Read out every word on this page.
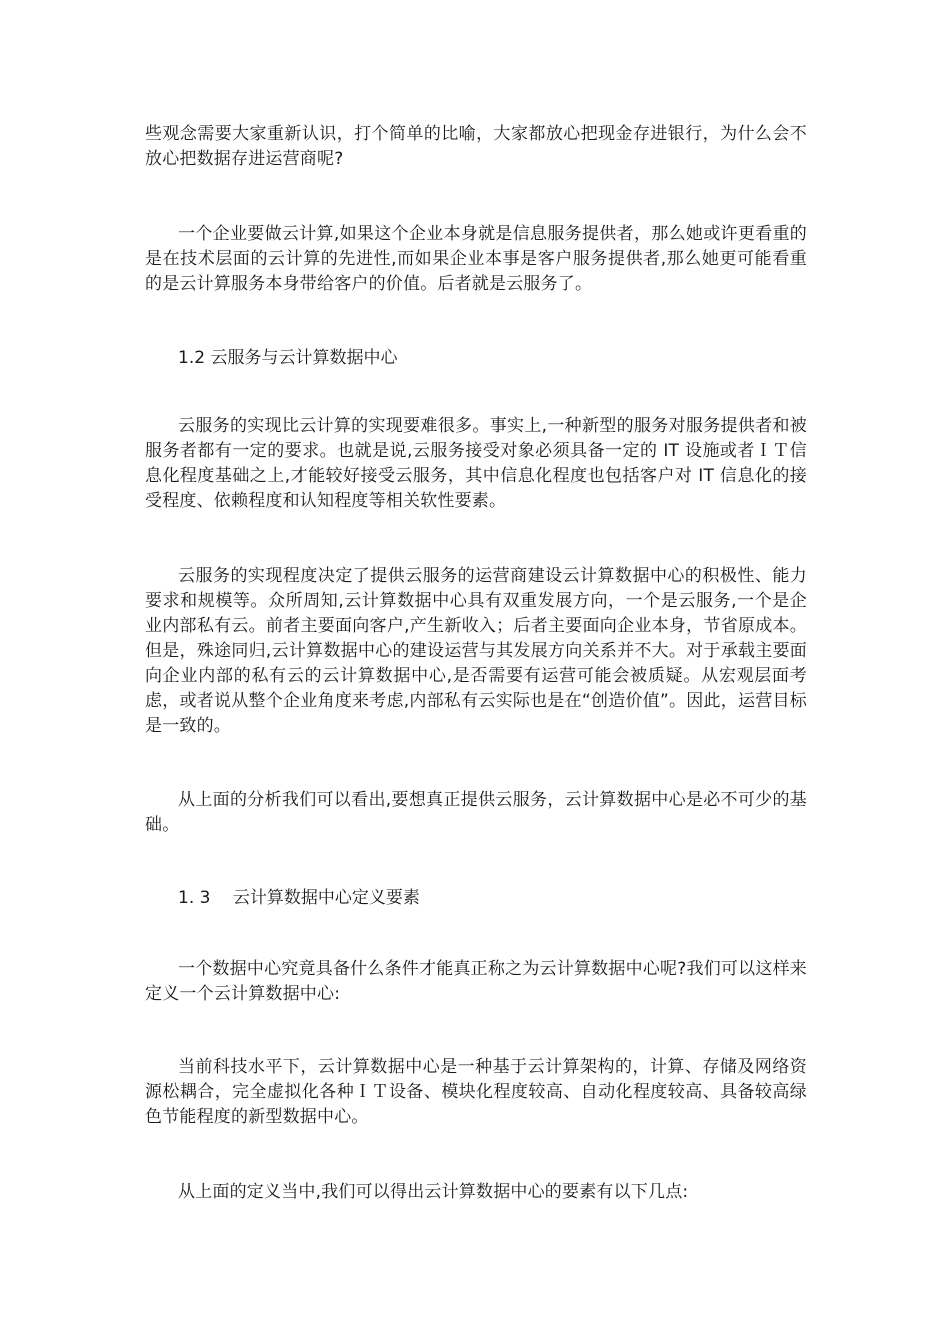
些观念需要大家重新认识，打个简单的比喻，大家都放心把现金存进银行，为什么会不放心把数据存进运营商呢?

一个企业要做云计算,如果这个企业本身就是信息服务提供者，那么她或许更看重的是在技术层面的云计算的先进性,而如果企业本事是客户服务提供者,那么她更可能看重的是云计算服务本身带给客户的价值。后者就是云服务了。

1.2 云服务与云计算数据中心

云服务的实现比云计算的实现要难很多。事实上,一种新型的服务对服务提供者和被服务者都有一定的要求。也就是说,云服务接受对象必须具备一定的 IT 设施或者ＩＴ信息化程度基础之上,才能较好接受云服务，其中信息化程度也包括客户对 IT 信息化的接受程度、依赖程度和认知程度等相关软性要素。

云服务的实现程度决定了提供云服务的运营商建设云计算数据中心的积极性、能力要求和规模等。众所周知,云计算数据中心具有双重发展方向，一个是云服务,一个是企业内部私有云。前者主要面向客户,产生新收入；后者主要面向企业本身，节省原成本。但是，殊途同归,云计算数据中心的建设运营与其发展方向关系并不大。对于承载主要面向企业内部的私有云的云计算数据中心,是否需要有运营可能会被质疑。从宏观层面考虑，或者说从整个企业角度来考虑,内部私有云实际也是在“创造价值”。因此，运营目标是一致的。

从上面的分析我们可以看出,要想真正提供云服务，云计算数据中心是必不可少的基础。

1. 3　 云计算数据中心定义要素

一个数据中心究竟具备什么条件才能真正称之为云计算数据中心呢?我们可以这样来定义一个云计算数据中心:

当前科技水平下，云计算数据中心是一种基于云计算架构的，计算、存储及网络资源松耦合，完全虚拟化各种ＩＴ设备、模块化程度较高、自动化程度较高、具备较高绿色节能程度的新型数据中心。

从上面的定义当中,我们可以得出云计算数据中心的要素有以下几点:
